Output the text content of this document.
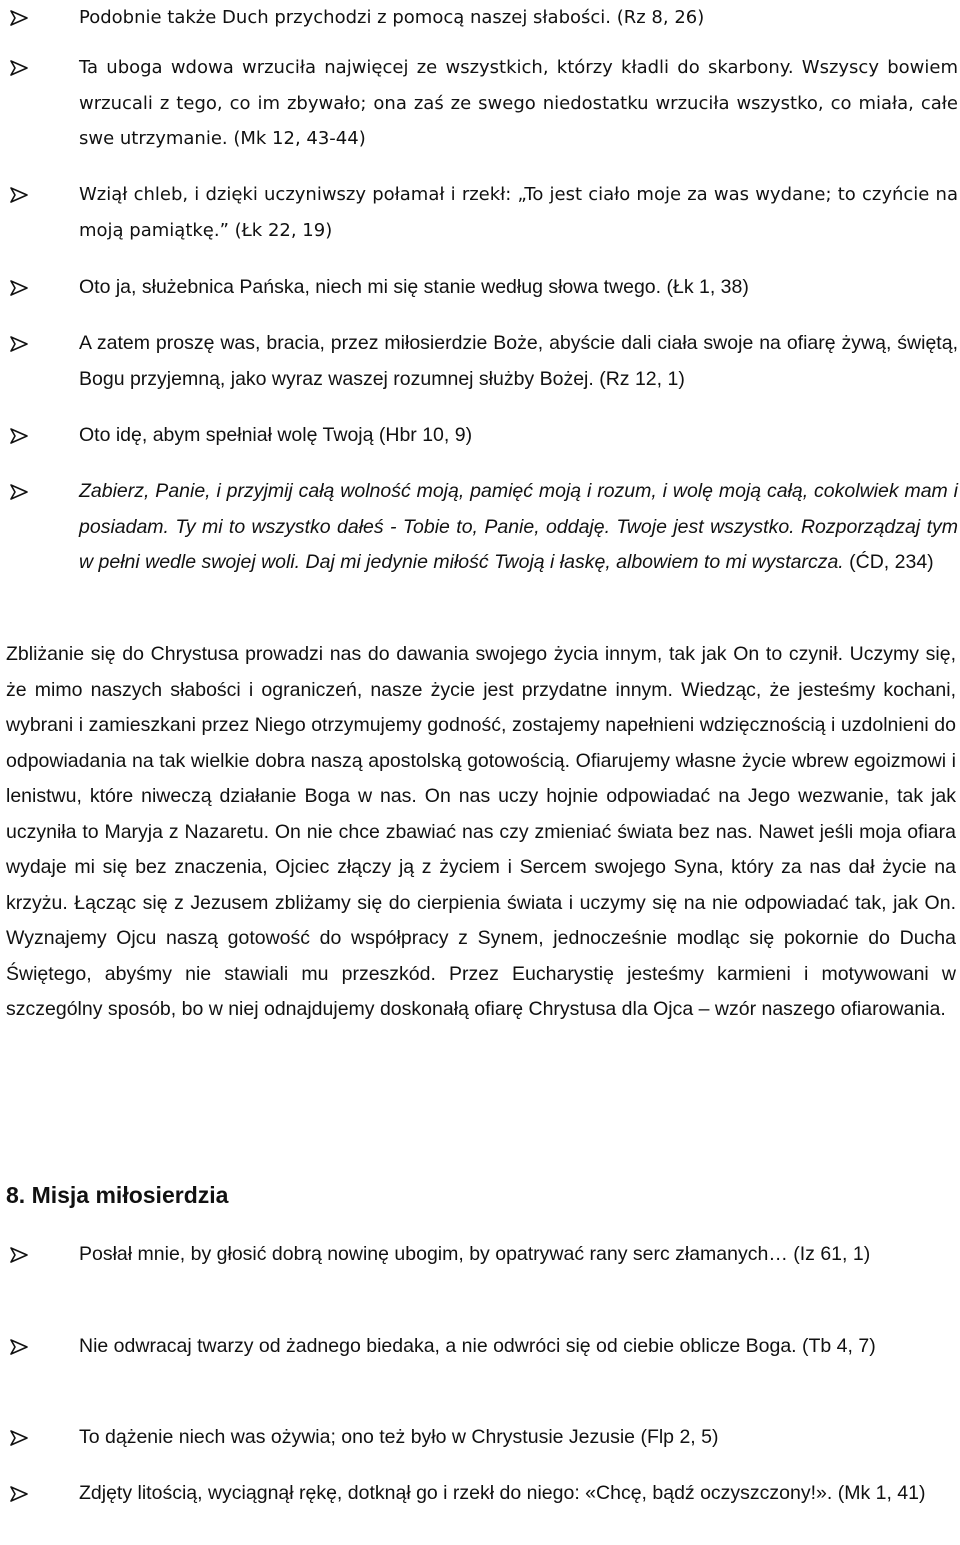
Podobnie także Duch przychodzi z pomocą naszej słabości. (Rz 8, 26)
Ta uboga wdowa wrzuciła najwięcej ze wszystkich, którzy kładli do skarbony. Wszyscy bowiem wrzucali z tego, co im zbywało; ona zaś ze swego niedostatku wrzuciła wszystko, co miała, całe swe utrzymanie. (Mk 12, 43-44)
Wziął chleb, i dzięki uczyniwszy połamał i rzekł: „To jest ciało moje za was wydane; to czyńcie na moją pamiątkę.” (Łk 22, 19)
Oto ja, służebnica Pańska, niech mi się stanie według słowa twego. (Łk 1, 38)
A zatem proszę was, bracia, przez miłosierdzie Boże, abyście dali ciała swoje na ofiarę żywą, świętą, Bogu przyjemną, jako wyraz waszej rozumnej służby Bożej. (Rz 12, 1)
Oto idę, abym spełniał wolę Twoją (Hbr 10, 9)
Zabierz, Panie, i przyjmij całą wolność moją, pamięć moją i rozum, i wolę moją całą, cokolwiek mam i posiadam. Ty mi to wszystko dałeś - Tobie to, Panie, oddaję. Twoje jest wszystko. Rozporządzaj tym w pełni wedle swojej woli. Daj mi jedynie miłość Twoją i łaskę, albowiem to mi wystarcza. (ĆD, 234)
Zbliżanie się do Chrystusa prowadzi nas do dawania swojego życia innym, tak jak On to czynił. Uczymy się, że mimo naszych słabości i ograniczeń, nasze życie jest przydatne innym. Wiedząc, że jesteśmy kochani, wybrani i zamieszkani przez Niego otrzymujemy godność, zostajemy napełnieni wdzięcznością i uzdolnieni do odpowiadania na tak wielkie dobra naszą apostolską gotowością. Ofiarujemy własne życie wbrew egoizmowi i lenistwu, które niweczą działanie Boga w nas. On nas uczy hojnie odpowiadać na Jego wezwanie, tak jak uczyniła to Maryja z Nazaretu. On nie chce zbawiać nas czy zmieniać świata bez nas. Nawet jeśli moja ofiara wydaje mi się bez znaczenia, Ojciec złączy ją z życiem i Sercem swojego Syna, który za nas dał życie na krzyżu. Łącząc się z Jezusem zbliżamy się do cierpienia świata i uczymy się na nie odpowiadać tak, jak On. Wyznajemy Ojcu naszą gotowość do współpracy z Synem, jednocześnie modląc się pokornie do Ducha Świętego, abyśmy nie stawiali mu przeszkód. Przez Eucharystię jesteśmy karmieni i motywowani w szczególny sposób, bo w niej odnajdujemy doskonałą ofiarę Chrystusa dla Ojca – wzór naszego ofiarowania.
8. Misja miłosierdzia
Posłał mnie, by głosić dobrą nowinę ubogim, by opatrywać rany serc złamanych… (Iz 61, 1)
Nie odwracaj twarzy od żadnego biedaka, a nie odwróci się od ciebie oblicze Boga. (Tb 4, 7)
To dążenie niech was ożywia; ono też było w Chrystusie Jezusie (Flp 2, 5)
Zdjęty litością, wyciągnął rękę, dotknął go i rzekł do niego: «Chcę, bądź oczyszczony!». (Mk 1, 41)
